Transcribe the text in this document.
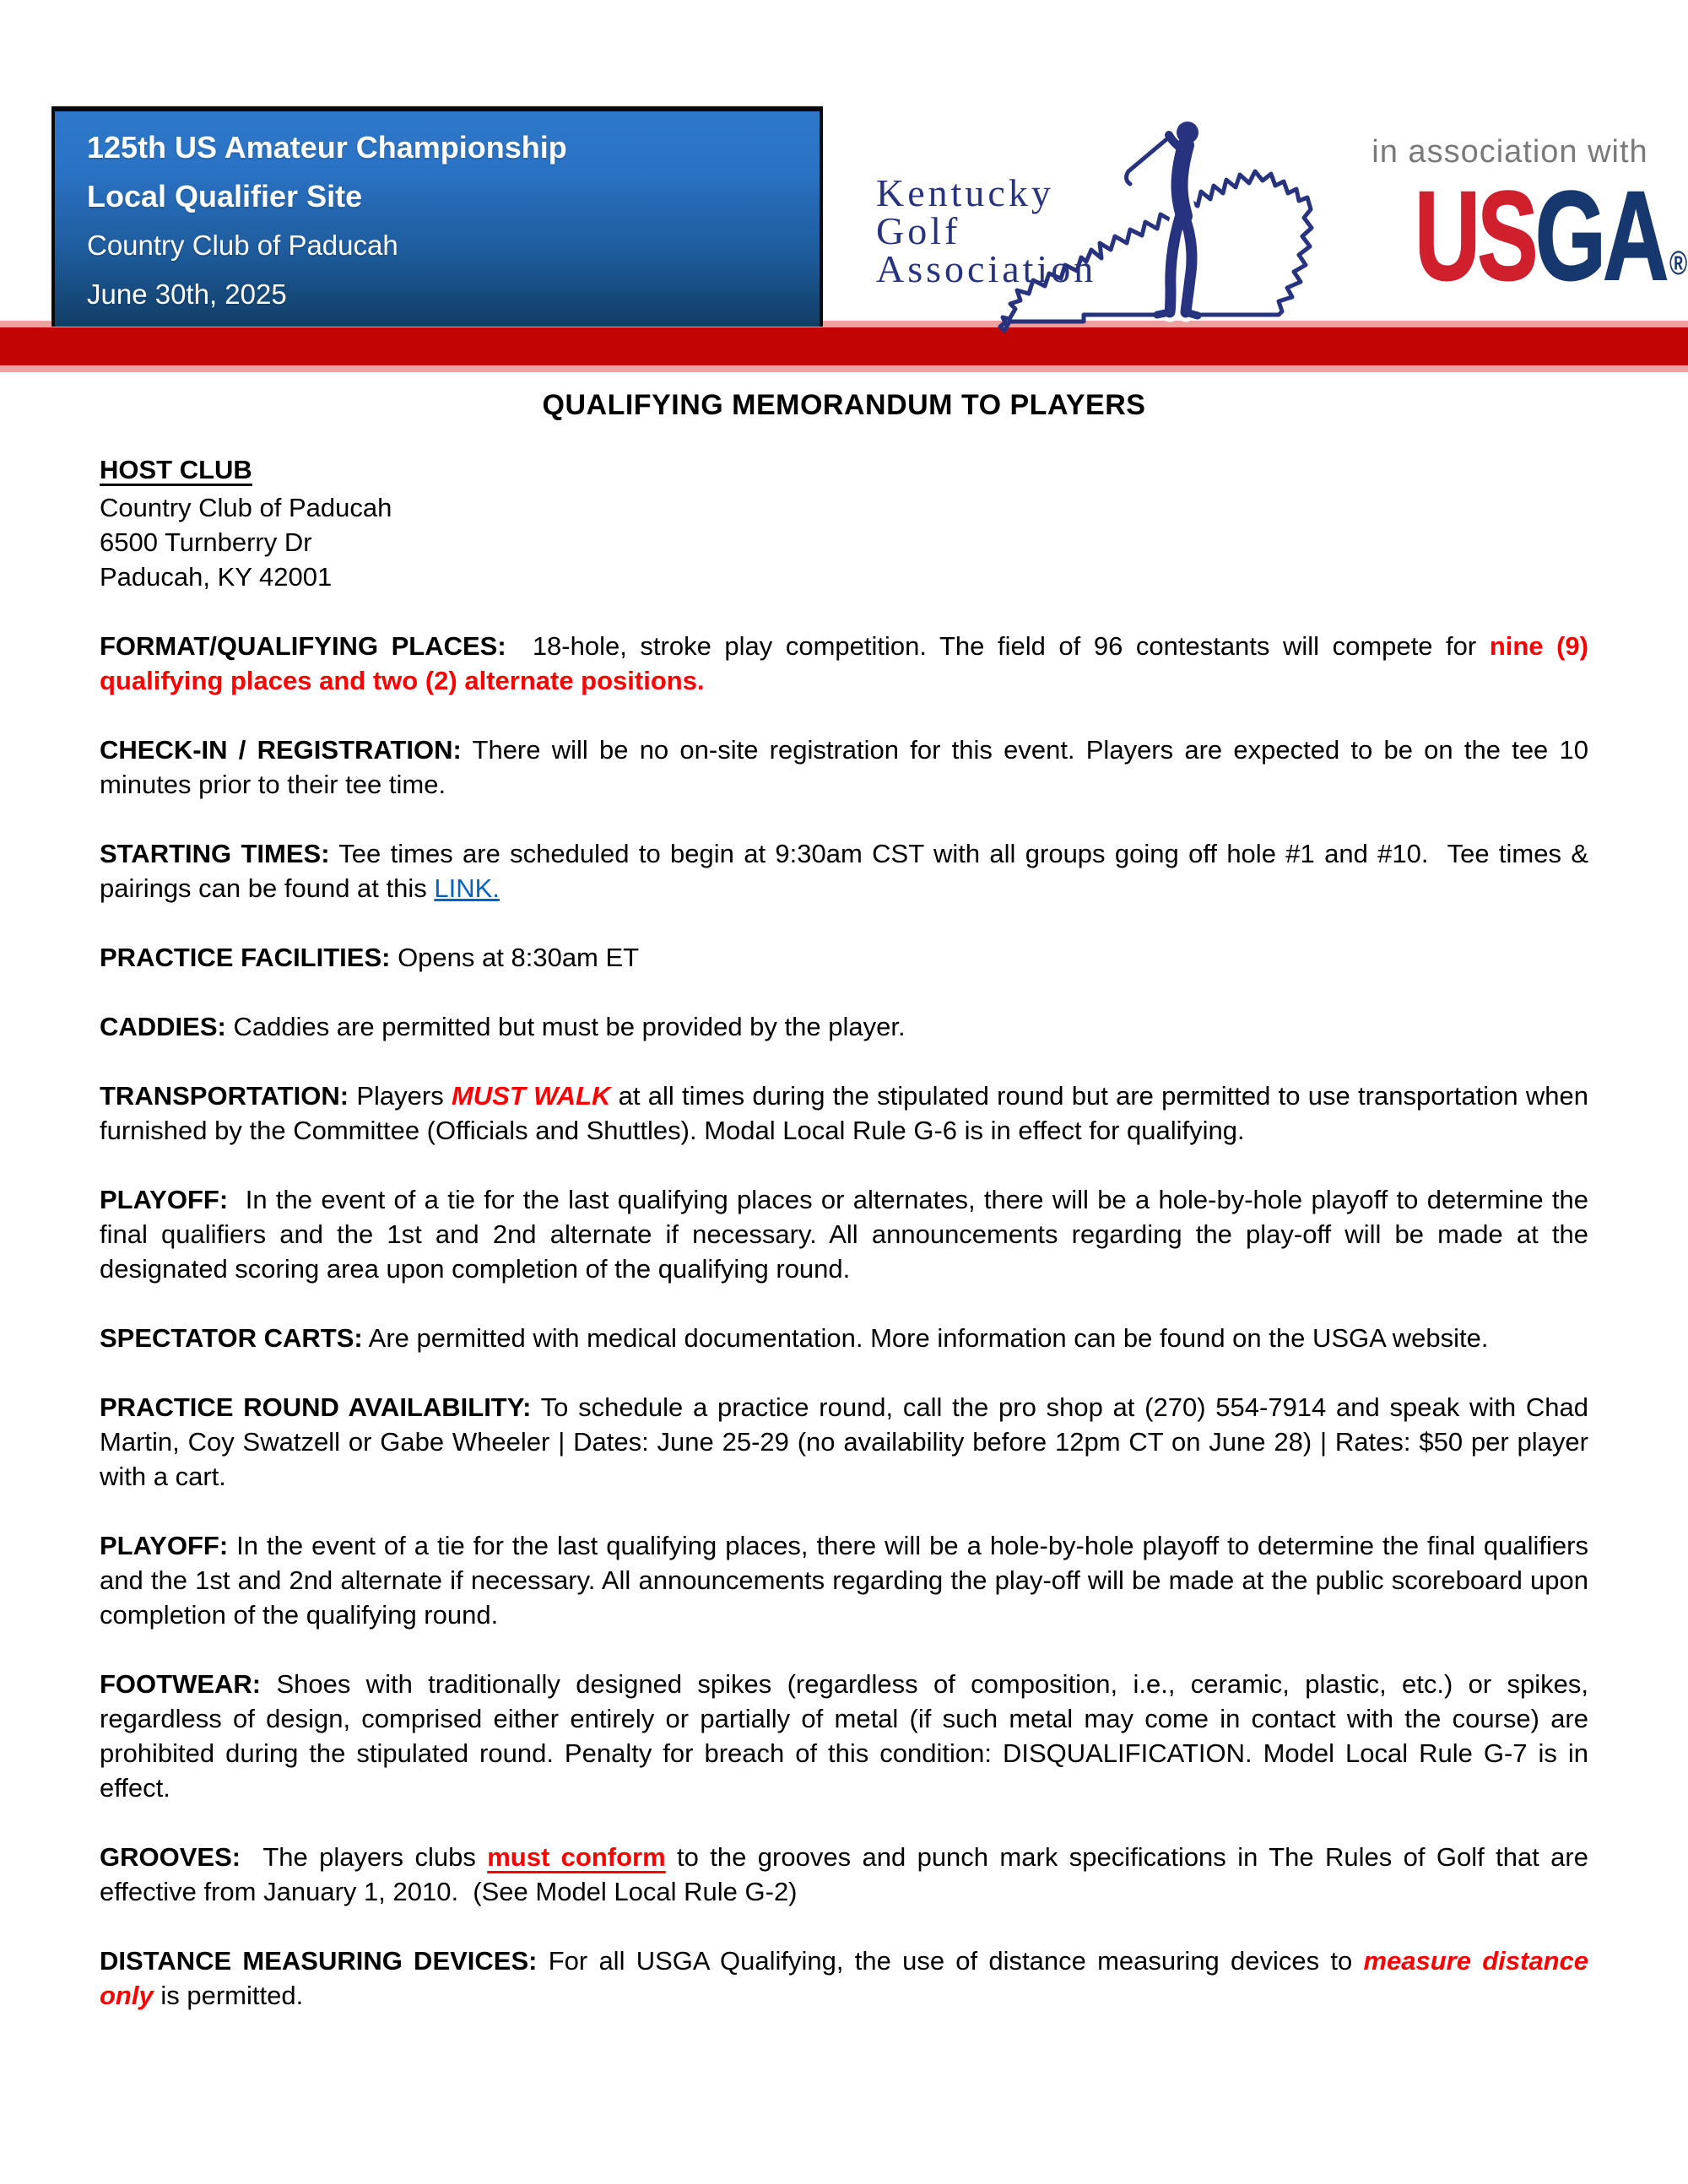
125th US Amateur Championship
Local Qualifier Site
Country Club of Paducah
June 30th, 2025
Kentucky
Golf
Association
in association with
USGA ®
QUALIFYING MEMORANDUM TO PLAYERS
HOST CLUB
Country Club of Paducah
6500 Turnberry Dr
Paducah, KY 42001

FORMAT/QUALIFYING PLACES:  18-hole, stroke play competition. The field of 96 contestants will compete for nine (9) qualifying places and two (2) alternate positions.

CHECK-IN / REGISTRATION: There will be no on-site registration for this event. Players are expected to be on the tee 10 minutes prior to their tee time.

STARTING TIMES: Tee times are scheduled to begin at 9:30am CST with all groups going off hole #1 and #10.  Tee times & pairings can be found at this LINK.

PRACTICE FACILITIES: Opens at 8:30am ET

CADDIES: Caddies are permitted but must be provided by the player.

TRANSPORTATION: Players MUST WALK at all times during the stipulated round but are permitted to use transportation when furnished by the Committee (Officials and Shuttles). Modal Local Rule G-6 is in effect for qualifying.

PLAYOFF:  In the event of a tie for the last qualifying places or alternates, there will be a hole-by-hole playoff to determine the final qualifiers and the 1st and 2nd alternate if necessary. All announcements regarding the play-off will be made at the designated scoring area upon completion of the qualifying round.

SPECTATOR CARTS: Are permitted with medical documentation. More information can be found on the USGA website.

PRACTICE ROUND AVAILABILITY: To schedule a practice round, call the pro shop at (270) 554-7914 and speak with Chad Martin, Coy Swatzell or Gabe Wheeler | Dates: June 25-29 (no availability before 12pm CT on June 28) | Rates: $50 per player with a cart.

PLAYOFF: In the event of a tie for the last qualifying places, there will be a hole-by-hole playoff to determine the final qualifiers and the 1st and 2nd alternate if necessary. All announcements regarding the play-off will be made at the public scoreboard upon completion of the qualifying round.

FOOTWEAR: Shoes with traditionally designed spikes (regardless of composition, i.e., ceramic, plastic, etc.) or spikes, regardless of design, comprised either entirely or partially of metal (if such metal may come in contact with the course) are prohibited during the stipulated round. Penalty for breach of this condition: DISQUALIFICATION. Model Local Rule G-7 is in effect.

GROOVES:  The players clubs must conform to the grooves and punch mark specifications in The Rules of Golf that are effective from January 1, 2010.  (See Model Local Rule G-2)

DISTANCE MEASURING DEVICES: For all USGA Qualifying, the use of distance measuring devices to measure distance only is permitted.
